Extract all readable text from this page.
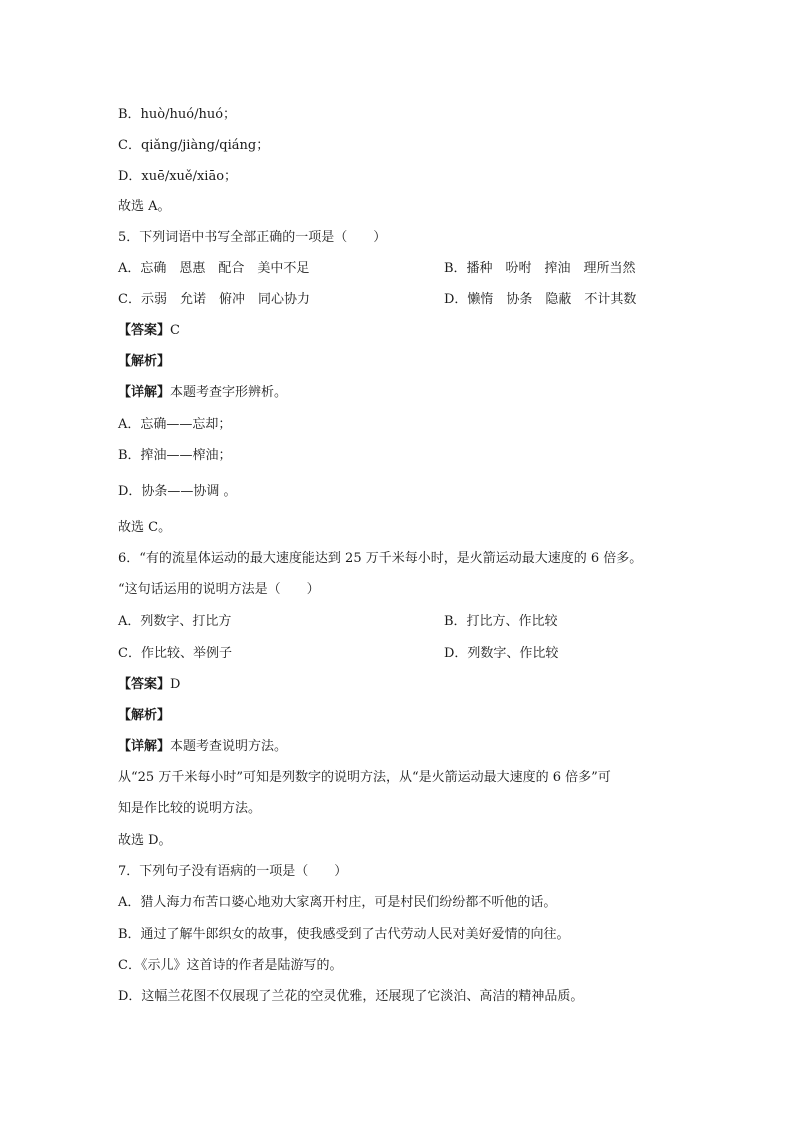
B．huò/huó/huó；
C．qiǎng/jiàng/qiáng；
D．xuē/xuě/xiāo；
故选 A。
5．下列词语中书写全部正确的一项是（　　）
A．忘确　恩惠　配合　美中不足	B．播种　吩咐　搾油　理所当然
C．示弱　允诺　俯冲　同心协力	D．懒惰　协条　隐蔽　不计其数
【答案】C
【解析】
【详解】本题考查字形辨析。
A．忘确——忘却；
B．搾油——榨油；
D．协条——协调 。
故选 C。
6．“有的流星体运动的最大速度能达到 25 万千米每小时，是火箭运动最大速度的 6 倍多。
“这句话运用的说明方法是（　　）
A．列数字、打比方	B．打比方、作比较
C．作比较、举例子	D．列数字、作比较
【答案】D
【解析】
【详解】本题考查说明方法。
从“25 万千米每小时”可知是列数字的说明方法，从“是火箭运动最大速度的 6 倍多”可
知是作比较的说明方法。
故选 D。
7．下列句子没有语病的一项是（　　）
A．猎人海力布苦口婆心地劝大家离开村庄，可是村民们纷纷都不听他的话。
B．通过了解牛郎织女的故事，使我感受到了古代劳动人民对美好爱情的向往。
C．《示儿》这首诗的作者是陆游写的。
D．这幅兰花图不仅展现了兰花的空灵优雅，还展现了它淡泊、高洁的精神品质。
